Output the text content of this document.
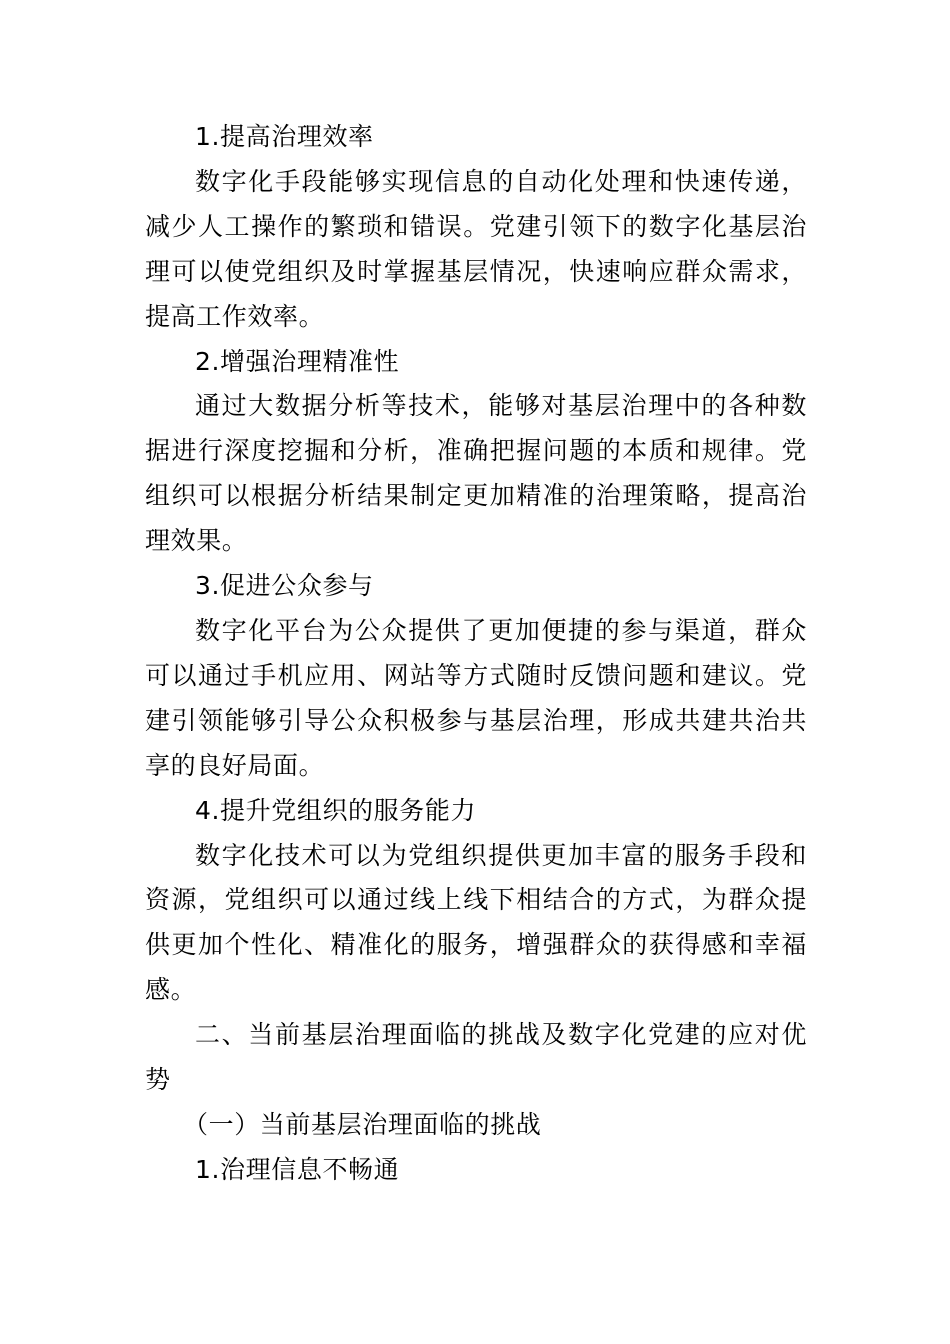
1.提高治理效率

数字化手段能够实现信息的自动化处理和快速传递，减少人工操作的繁琐和错误。党建引领下的数字化基层治理可以使党组织及时掌握基层情况，快速响应群众需求，提高工作效率。

2.增强治理精准性

通过大数据分析等技术，能够对基层治理中的各种数据进行深度挖掘和分析，准确把握问题的本质和规律。党组织可以根据分析结果制定更加精准的治理策略，提高治理效果。

3.促进公众参与

数字化平台为公众提供了更加便捷的参与渠道，群众可以通过手机应用、网站等方式随时反馈问题和建议。党建引领能够引导公众积极参与基层治理，形成共建共治共享的良好局面。

4.提升党组织的服务能力

数字化技术可以为党组织提供更加丰富的服务手段和资源，党组织可以通过线上线下相结合的方式，为群众提供更加个性化、精准化的服务，增强群众的获得感和幸福感。

二、当前基层治理面临的挑战及数字化党建的应对优势

（一）当前基层治理面临的挑战

1.治理信息不畅通
